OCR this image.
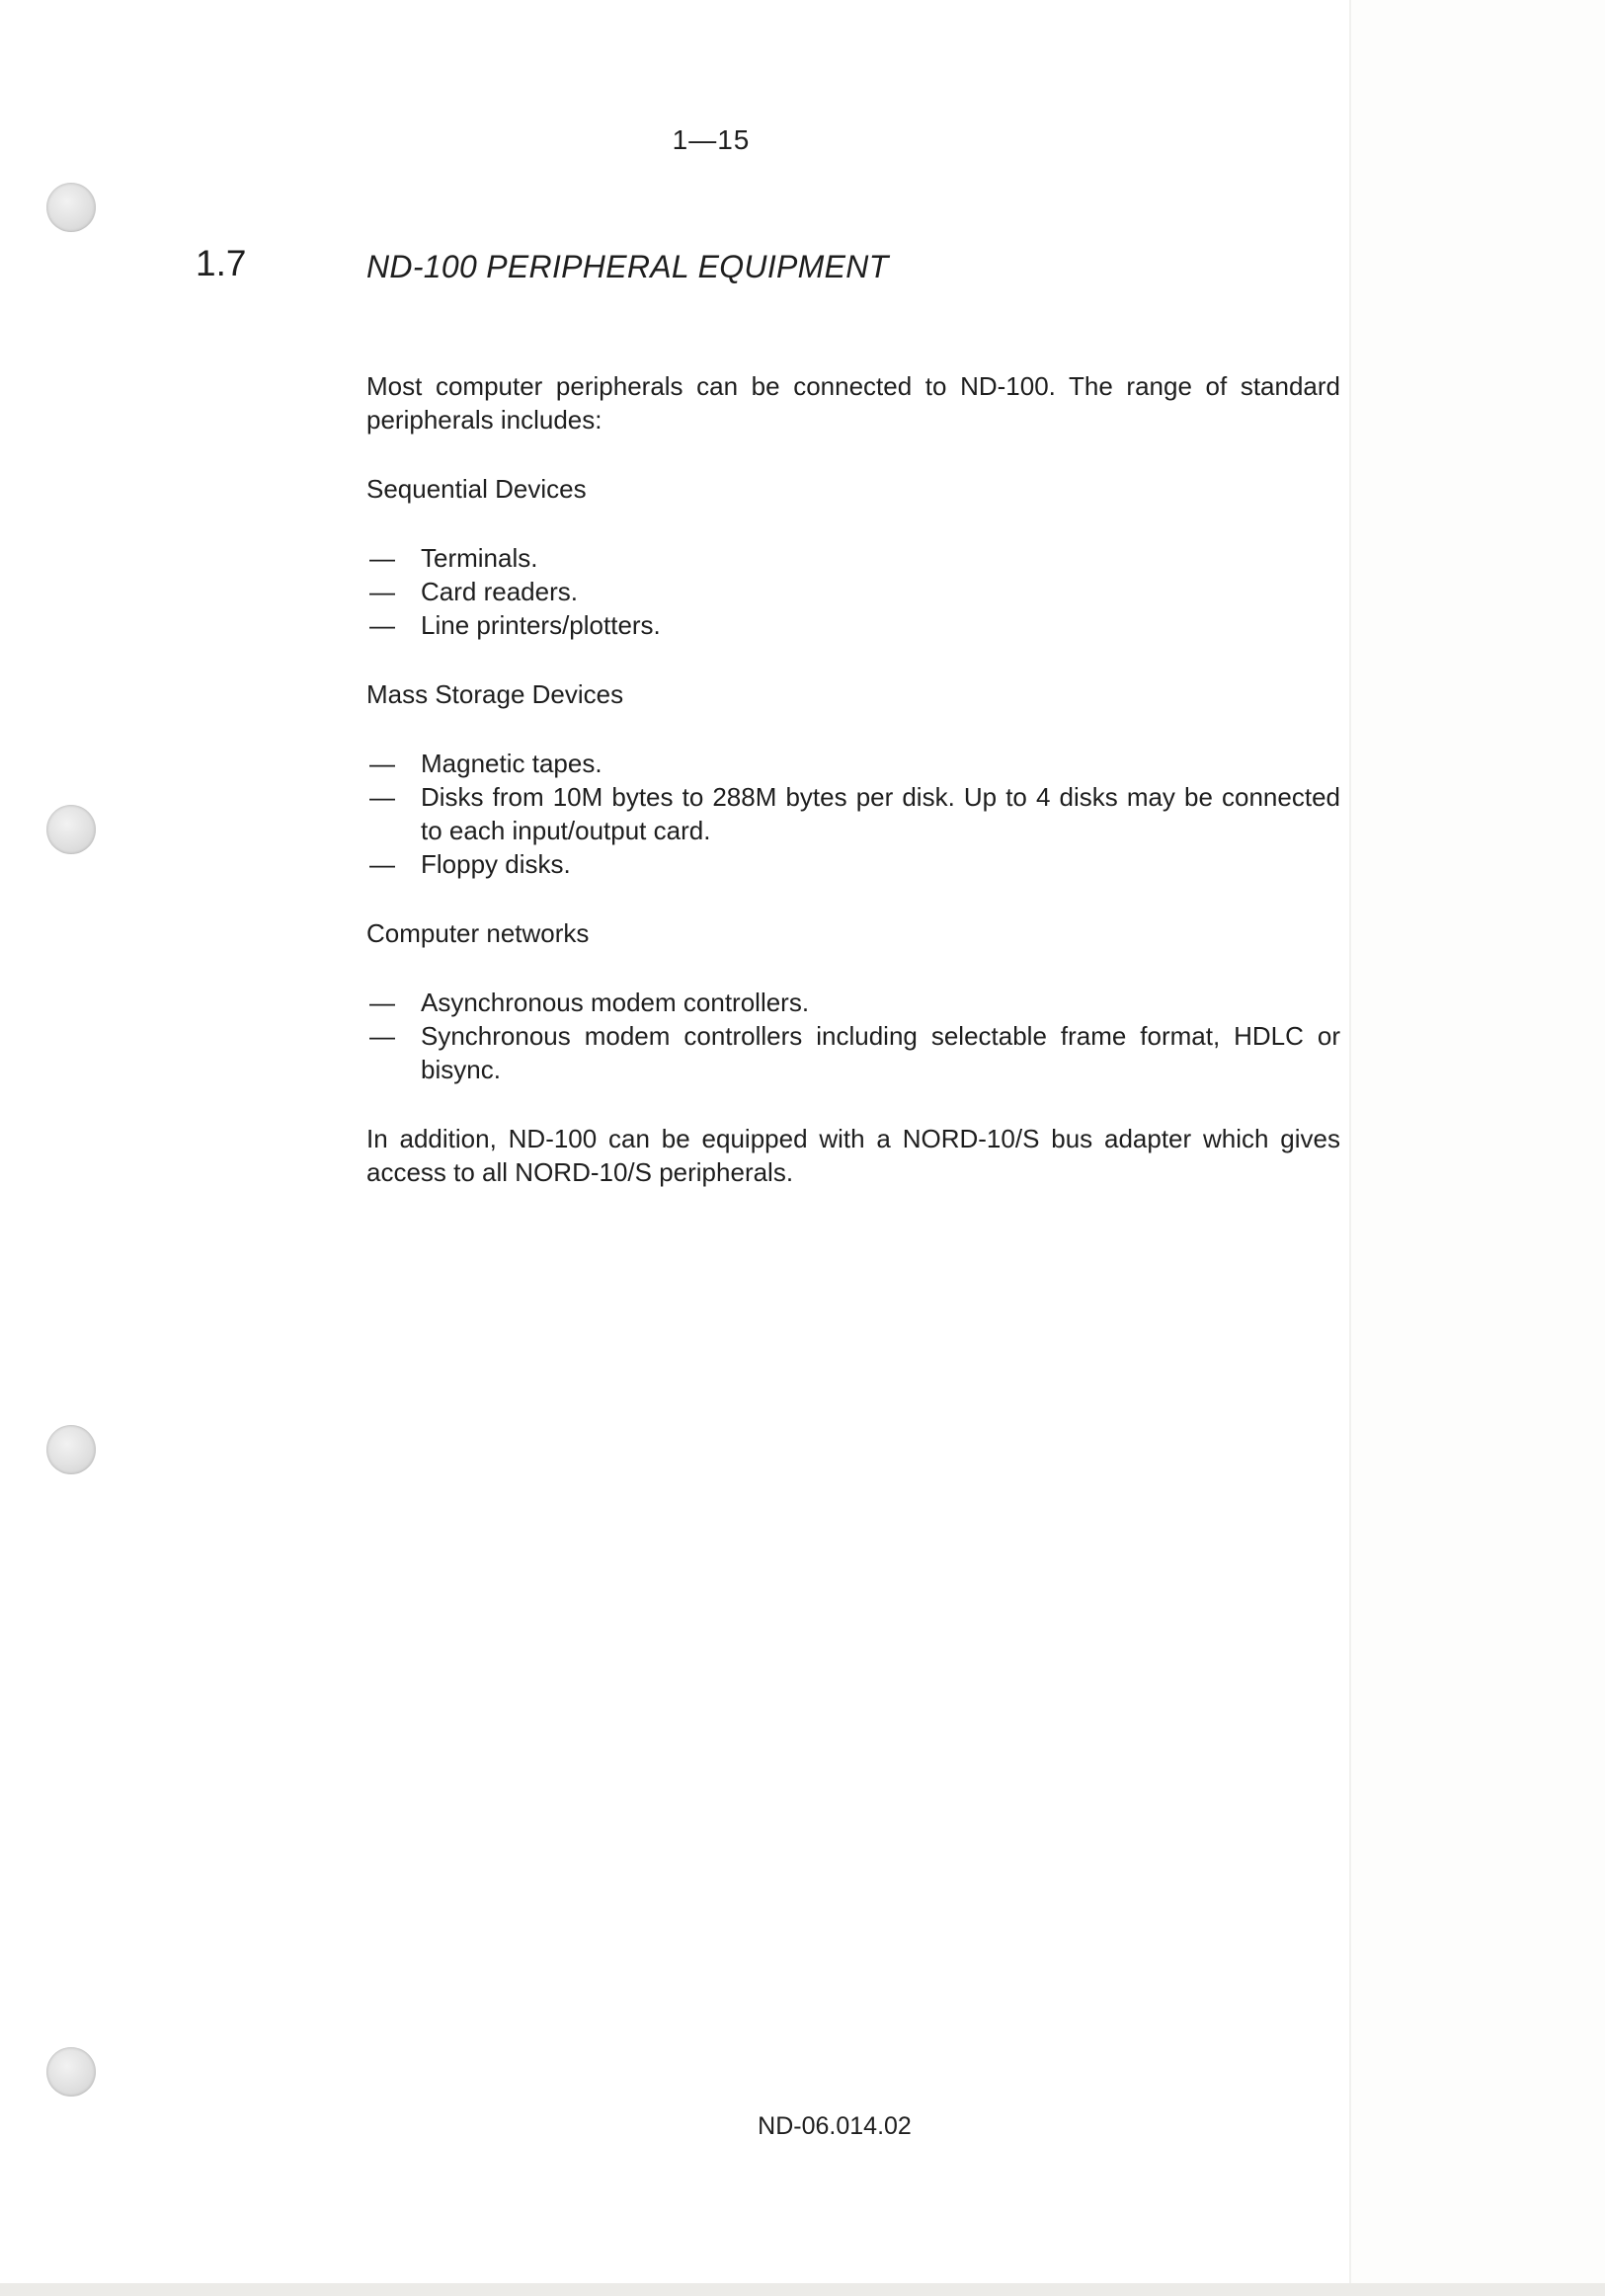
1—15
1.7	ND-100 PERIPHERAL EQUIPMENT

Most computer peripherals can be connected to ND-100. The range of standard peripherals includes:

Sequential Devices

— Terminals.
— Card readers.
— Line printers/plotters.

Mass Storage Devices

— Magnetic tapes.
— Disks from 10M bytes to 288M bytes per disk. Up to 4 disks may be connected to each input/output card.
— Floppy disks.

Computer networks

— Asynchronous modem controllers.
— Synchronous modem controllers including selectable frame format, HDLC or bisync.

In addition, ND-100 can be equipped with a NORD-10/S bus adapter which gives access to all NORD-10/S peripherals.

ND-06.014.02
